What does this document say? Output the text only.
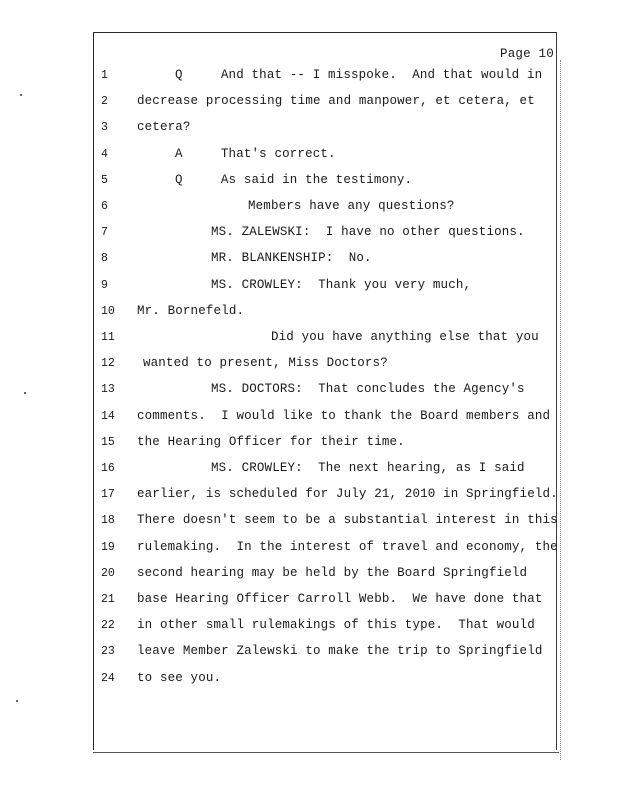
Page 10
1	Q     And that -- I misspoke.  And that would in
2	decrease processing time and manpower, et cetera, et
3	cetera?
4	A     That's correct.
5	Q     As said in the testimony.
6	Members have any questions?
7	MS. ZALEWSKI:  I have no other questions.
8	MR. BLANKENSHIP:  No.
9	MS. CROWLEY:  Thank you very much,
10	Mr. Bornefeld.
11	Did you have anything else that you
12	wanted to present, Miss Doctors?
13	MS. DOCTORS:  That concludes the Agency's
14	comments.  I would like to thank the Board members and
15	the Hearing Officer for their time.
16	MS. CROWLEY:  The next hearing, as I said
17	earlier, is scheduled for July 21, 2010 in Springfield.
18	There doesn't seem to be a substantial interest in this
19	rulemaking.  In the interest of travel and economy, the
20	second hearing may be held by the Board Springfield
21	base Hearing Officer Carroll Webb.  We have done that
22	in other small rulemakings of this type.  That would
23	leave Member Zalewski to make the trip to Springfield
24	to see you.
